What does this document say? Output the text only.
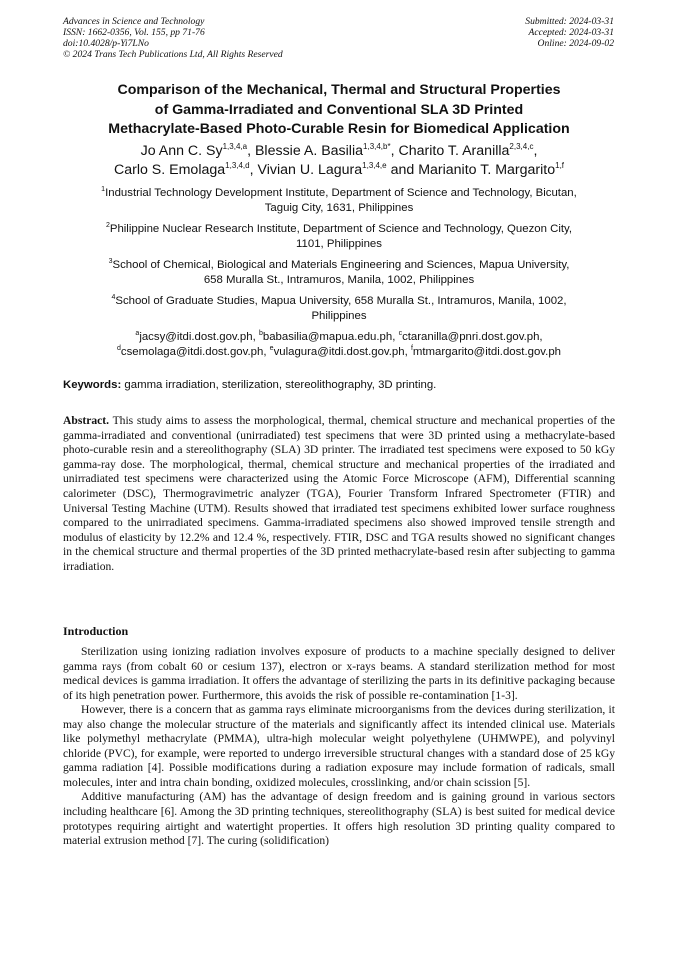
Advances in Science and Technology
ISSN: 1662-0356, Vol. 155, pp 71-76
doi:10.4028/p-Yi7LNo
© 2024 Trans Tech Publications Ltd, All Rights Reserved
Submitted: 2024-03-31
Accepted: 2024-03-31
Online: 2024-09-02
Comparison of the Mechanical, Thermal and Structural Properties
of Gamma-Irradiated and Conventional SLA 3D Printed
Methacrylate-Based Photo-Curable Resin for Biomedical Application
Jo Ann C. Sy$^{1,3,4,a}$, Blessie A. Basilia$^{1,3,4,b*}$, Charito T. Aranilla$^{2,3,4,c}$,
Carlo S. Emolaga$^{1,3,4,d}$, Vivian U. Lagura$^{1,3,4,e}$ and Marianito T. Margarito$^{1,f}$
$^1$Industrial Technology Development Institute, Department of Science and Technology, Bicutan,
Taguig City, 1631, Philippines
$^2$Philippine Nuclear Research Institute, Department of Science and Technology, Quezon City,
1101, Philippines
$^3$School of Chemical, Biological and Materials Engineering and Sciences, Mapua University,
658 Muralla St., Intramuros, Manila, 1002, Philippines
$^4$School of Graduate Studies, Mapua University, 658 Muralla St., Intramuros, Manila, 1002,
Philippines
$^a$jacsy@itdi.dost.gov.ph, $^b$babasilia@mapua.edu.ph, $^c$ctaranilla@pnri.dost.gov.ph,
$^d$csemolaga@itdi.dost.gov.ph, $^e$vulagura@itdi.dost.gov.ph, $^f$mtmargarito@itdi.dost.gov.ph
Keywords: gamma irradiation, sterilization, stereolithography, 3D printing.
Abstract. This study aims to assess the morphological, thermal, chemical structure and mechanical properties of the gamma-irradiated and conventional (unirradiated) test specimens that were 3D printed using a methacrylate-based photo-curable resin and a stereolithography (SLA) 3D printer. The irradiated test specimens were exposed to 50 kGy gamma-ray dose. The morphological, thermal, chemical structure and mechanical properties of the irradiated and unirradiated test specimens were characterized using the Atomic Force Microscope (AFM), Differential scanning calorimeter (DSC), Thermogravimetric analyzer (TGA), Fourier Transform Infrared Spectrometer (FTIR) and Universal Testing Machine (UTM). Results showed that irradiated test specimens exhibited lower surface roughness compared to the unirradiated specimens. Gamma-irradiated specimens also showed improved tensile strength and modulus of elasticity by 12.2% and 12.4 %, respectively. FTIR, DSC and TGA results showed no significant changes in the chemical structure and thermal properties of the 3D printed methacrylate-based resin after subjecting to gamma irradiation.
Introduction

Sterilization using ionizing radiation involves exposure of products to a machine specially designed to deliver gamma rays (from cobalt 60 or cesium 137), electron or x-rays beams. A standard sterilization method for most medical devices is gamma irradiation. It offers the advantage of sterilizing the parts in its definitive packaging because of its high penetration power. Furthermore, this avoids the risk of possible re-contamination [1-3].

However, there is a concern that as gamma rays eliminate microorganisms from the devices during sterilization, it may also change the molecular structure of the materials and significantly affect its intended clinical use. Materials like polymethyl methacrylate (PMMA), ultra-high molecular weight polyethylene (UHMWPE), and polyvinyl chloride (PVC), for example, were reported to undergo irreversible structural changes with a standard dose of 25 kGy gamma radiation [4]. Possible modifications during a radiation exposure may include formation of radicals, small molecules, inter and intra chain bonding, oxidized molecules, crosslinking, and/or chain scission [5].

Additive manufacturing (AM) has the advantage of design freedom and is gaining ground in various sectors including healthcare [6]. Among the 3D printing techniques, stereolithography (SLA) is best suited for medical device prototypes requiring airtight and watertight properties. It offers high resolution 3D printing quality compared to material extrusion method [7]. The curing (solidification)
